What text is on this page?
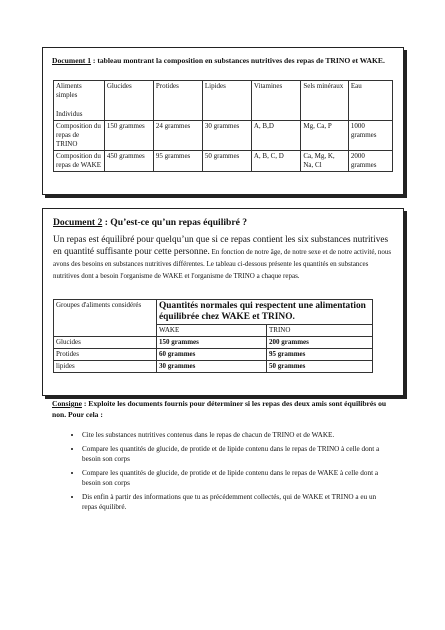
Document 1 : tableau montrant la composition en substances nutritives des repas de TRINO et WAKE.
Aliments simples
Individus	Glucides	Protides	Lipides	Vitamines	Sels minéraux	Eau
Composition du repas de TRINO	150 grammes	24 grammes	30 grammes	A, B,D	Mg, Ca, P	1000 grammes
Composition du repas de WAKE	450 grammes	95 grammes	50 grammes	A, B, C, D	Ca, Mg, K, Na, Cl	2000 grammes
Document 2 : Qu’est-ce qu’un repas équilibré ?
Un repas est équilibré pour quelqu’un que si ce repas contient les six substances nutritives en quantité suffisante pour cette personne. En fonction de notre âge, de notre sexe et de notre activité, nous avons des besoins en substances nutritives différentes. Le tableau ci-dessous présente les quantités en substances nutritives dont a besoin l'organisme de WAKE et l'organisme de TRINO a chaque repas.
Groupes d'aliments considérés	Quantités normales qui respectent une alimentation équilibrée chez WAKE et TRINO.	
	WAKE	TRINO
Glucides	150 grammes	200 grammes
Protides	60 grammes	95 grammes
lipides	30 grammes	50 grammes
Consigne : Exploite les documents fournis pour déterminer si les repas des deux amis sont équilibrés ou non. Pour cela :
• Cite les substances nutritives contenus dans le repas de chacun de TRINO et de WAKE.
• Compare les quantités de glucide, de protide et de lipide contenu dans le repas de TRINO à celle dont a besoin son corps
• Compare les quantités de glucide, de protide et de lipide contenu dans le repas de WAKE à celle dont a besoin son corps
• Dis enfin à partir des informations que tu as précédemment collectés, qui de WAKE et TRINO a eu un repas équilibré.
